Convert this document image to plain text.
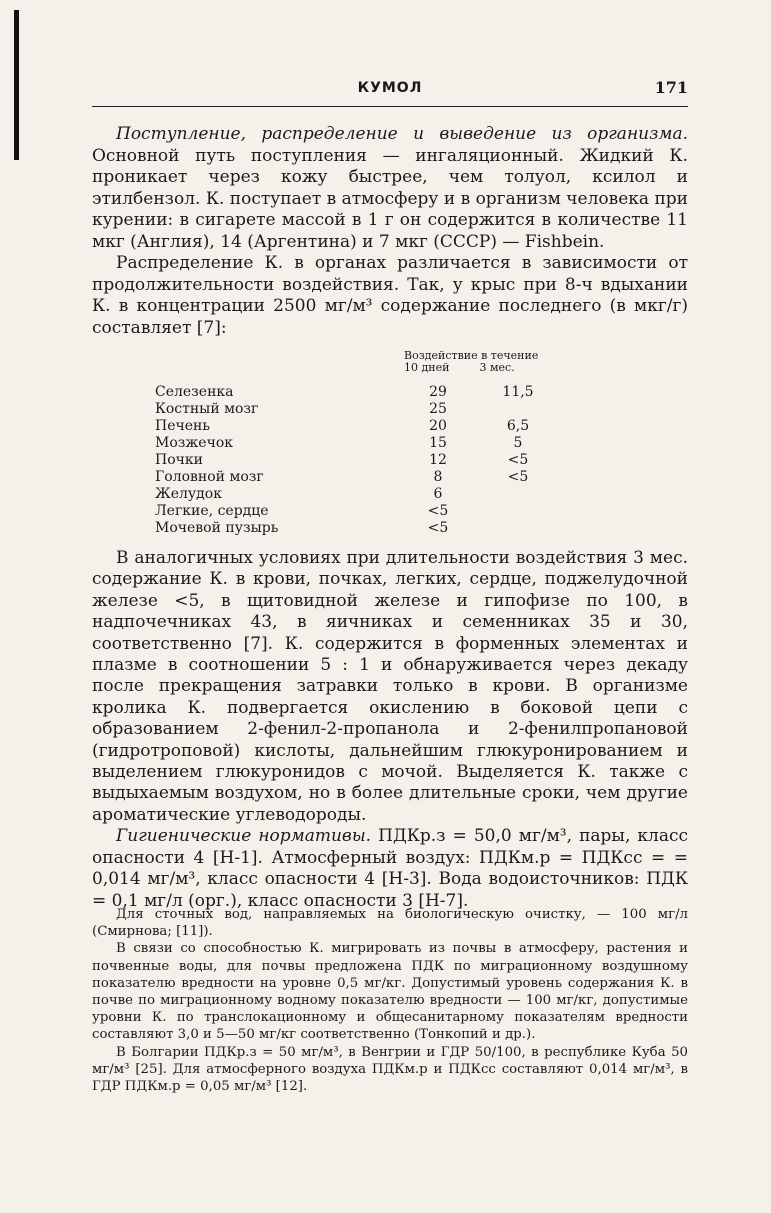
КУМОЛ	171

Поступление, распределение и выведение из организма. Основной путь поступления — ингаляционный. Жидкий К. проникает через кожу быстрее, чем толуол, ксилол и этилбензол. К. поступает в атмосферу и в организм человека при курении: в сигарете массой в 1 г он содержится в количестве 11 мкг (Англия), 14 (Аргентина) и 7 мкг (СССР) — Fishbein.

Распределение К. в органах различается в зависимости от продолжительности воздействия. Так, у крыс при 8-ч вдыхании К. в концентрации 2500 мг/м³ содержание последнего (в мкг/г) составляет [7]:

Воздействие в течение
10 дней	3 мес.
Селезенка	29	11,5
Костный мозг	25	
Печень	20	6,5
Мозжечок	15	5
Почки	12	<5
Головной мозг	8	<5
Желудок	6	
Легкие, сердце	<5	
Мочевой пузырь	<5	

В аналогичных условиях при длительности воздействия 3 мес. содержание К. в крови, почках, легких, сердце, поджелудочной железе <5, в щитовидной железе и гипофизе по 100, в надпочечниках 43, в яичниках и семенниках 35 и 30, соответственно [7]. К. содержится в форменных элементах и плазме в соотношении 5 : 1 и обнаруживается через декаду после прекращения затравки только в крови. В организме кролика К. подвергается окислению в боковой цепи с образованием 2-фенил-2-пропанола и 2-фенилпропановой (гидротроповой) кислоты, дальнейшим глюкуронированием и выделением глюкуронидов с мочой. Выделяется К. также с выдыхаемым воздухом, но в более длительные сроки, чем другие ароматические углеводороды.

Гигиенические нормативы. ПДКр.з = 50,0 мг/м³, пары, класс опасности 4 [Н-1]. Атмосферный воздух: ПДКм.р = ПДКсс = = 0,014 мг/м³, класс опасности 4 [Н-3]. Вода водоисточников: ПДК = 0,1 мг/л (орг.), класс опасности 3 [Н-7].

Для сточных вод, направляемых на биологическую очистку, — 100 мг/л (Смирнова; [11]).

В связи со способностью К. мигрировать из почвы в атмосферу, растения и почвенные воды, для почвы предложена ПДК по миграционному воздушному показателю вредности на уровне 0,5 мг/кг. Допустимый уровень содержания К. в почве по миграционному водному показателю вредности — 100 мг/кг, допустимые уровни К. по транслокационному и общесанитарному показателям вредности составляют 3,0 и 5—50 мг/кг соответственно (Тонкопий и др.).

В Болгарии ПДКр.з = 50 мг/м³, в Венгрии и ГДР 50/100, в республике Куба 50 мг/м³ [25]. Для атмосферного воздуха ПДКм.р и ПДКсс составляют 0,014 мг/м³, в ГДР ПДКм.р = 0,05 мг/м³ [12].
